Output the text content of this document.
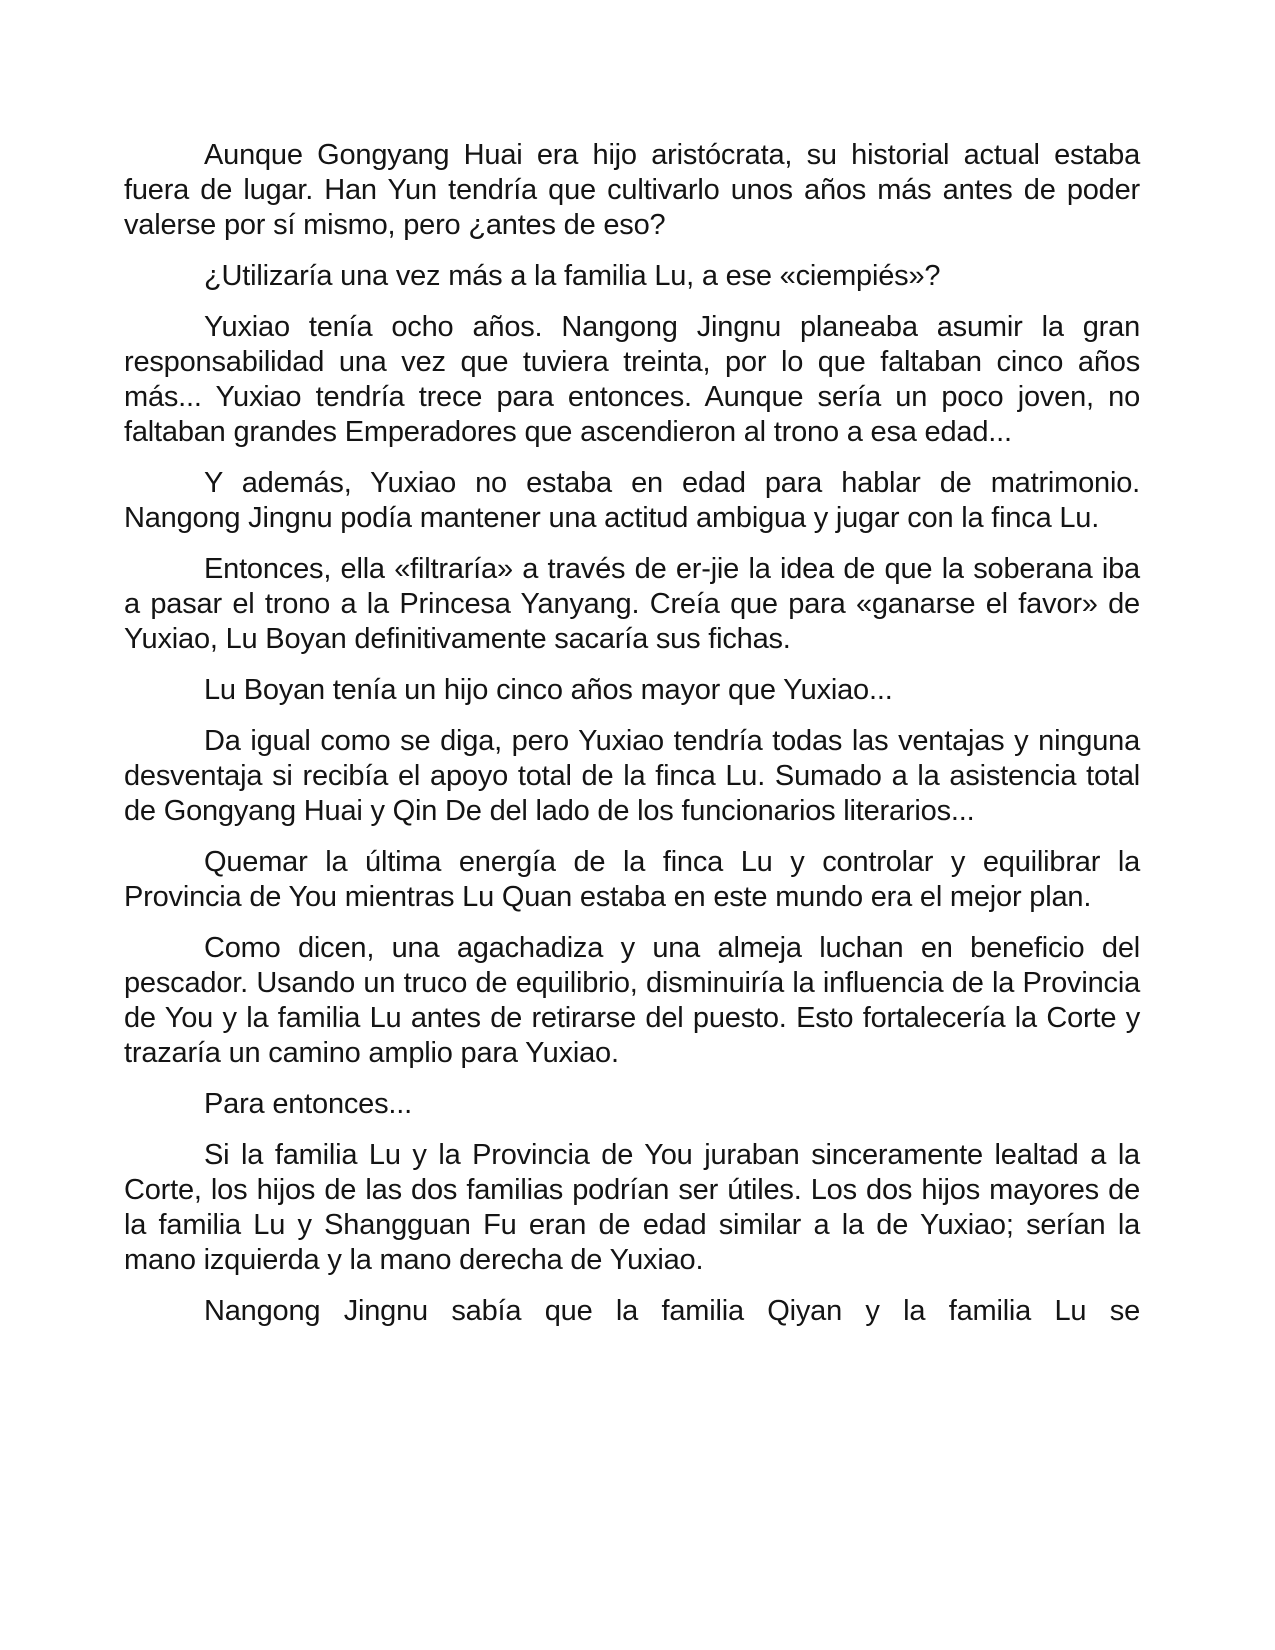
Aunque Gongyang Huai era hijo aristócrata, su historial actual estaba fuera de lugar. Han Yun tendría que cultivarlo unos años más antes de poder valerse por sí mismo, pero ¿antes de eso?

¿Utilizaría una vez más a la familia Lu, a ese «ciempiés»?

Yuxiao tenía ocho años. Nangong Jingnu planeaba asumir la gran responsabilidad una vez que tuviera treinta, por lo que faltaban cinco años más... Yuxiao tendría trece para entonces. Aunque sería un poco joven, no faltaban grandes Emperadores que ascendieron al trono a esa edad...

Y además, Yuxiao no estaba en edad para hablar de matrimonio. Nangong Jingnu podía mantener una actitud ambigua y jugar con la finca Lu.

Entonces, ella «filtraría» a través de er-jie la idea de que la soberana iba a pasar el trono a la Princesa Yanyang. Creía que para «ganarse el favor» de Yuxiao, Lu Boyan definitivamente sacaría sus fichas.

Lu Boyan tenía un hijo cinco años mayor que Yuxiao...

Da igual como se diga, pero Yuxiao tendría todas las ventajas y ninguna desventaja si recibía el apoyo total de la finca Lu. Sumado a la asistencia total de Gongyang Huai y Qin De del lado de los funcionarios literarios...

Quemar la última energía de la finca Lu y controlar y equilibrar la Provincia de You mientras Lu Quan estaba en este mundo era el mejor plan.

Como dicen, una agachadiza y una almeja luchan en beneficio del pescador. Usando un truco de equilibrio, disminuiría la influencia de la Provincia de You y la familia Lu antes de retirarse del puesto. Esto fortalecería la Corte y trazaría un camino amplio para Yuxiao.

Para entonces...

Si la familia Lu y la Provincia de You juraban sinceramente lealtad a la Corte, los hijos de las dos familias podrían ser útiles. Los dos hijos mayores de la familia Lu y Shangguan Fu eran de edad similar a la de Yuxiao; serían la mano izquierda y la mano derecha de Yuxiao.

Nangong Jingnu sabía que la familia Qiyan y la familia Lu se
